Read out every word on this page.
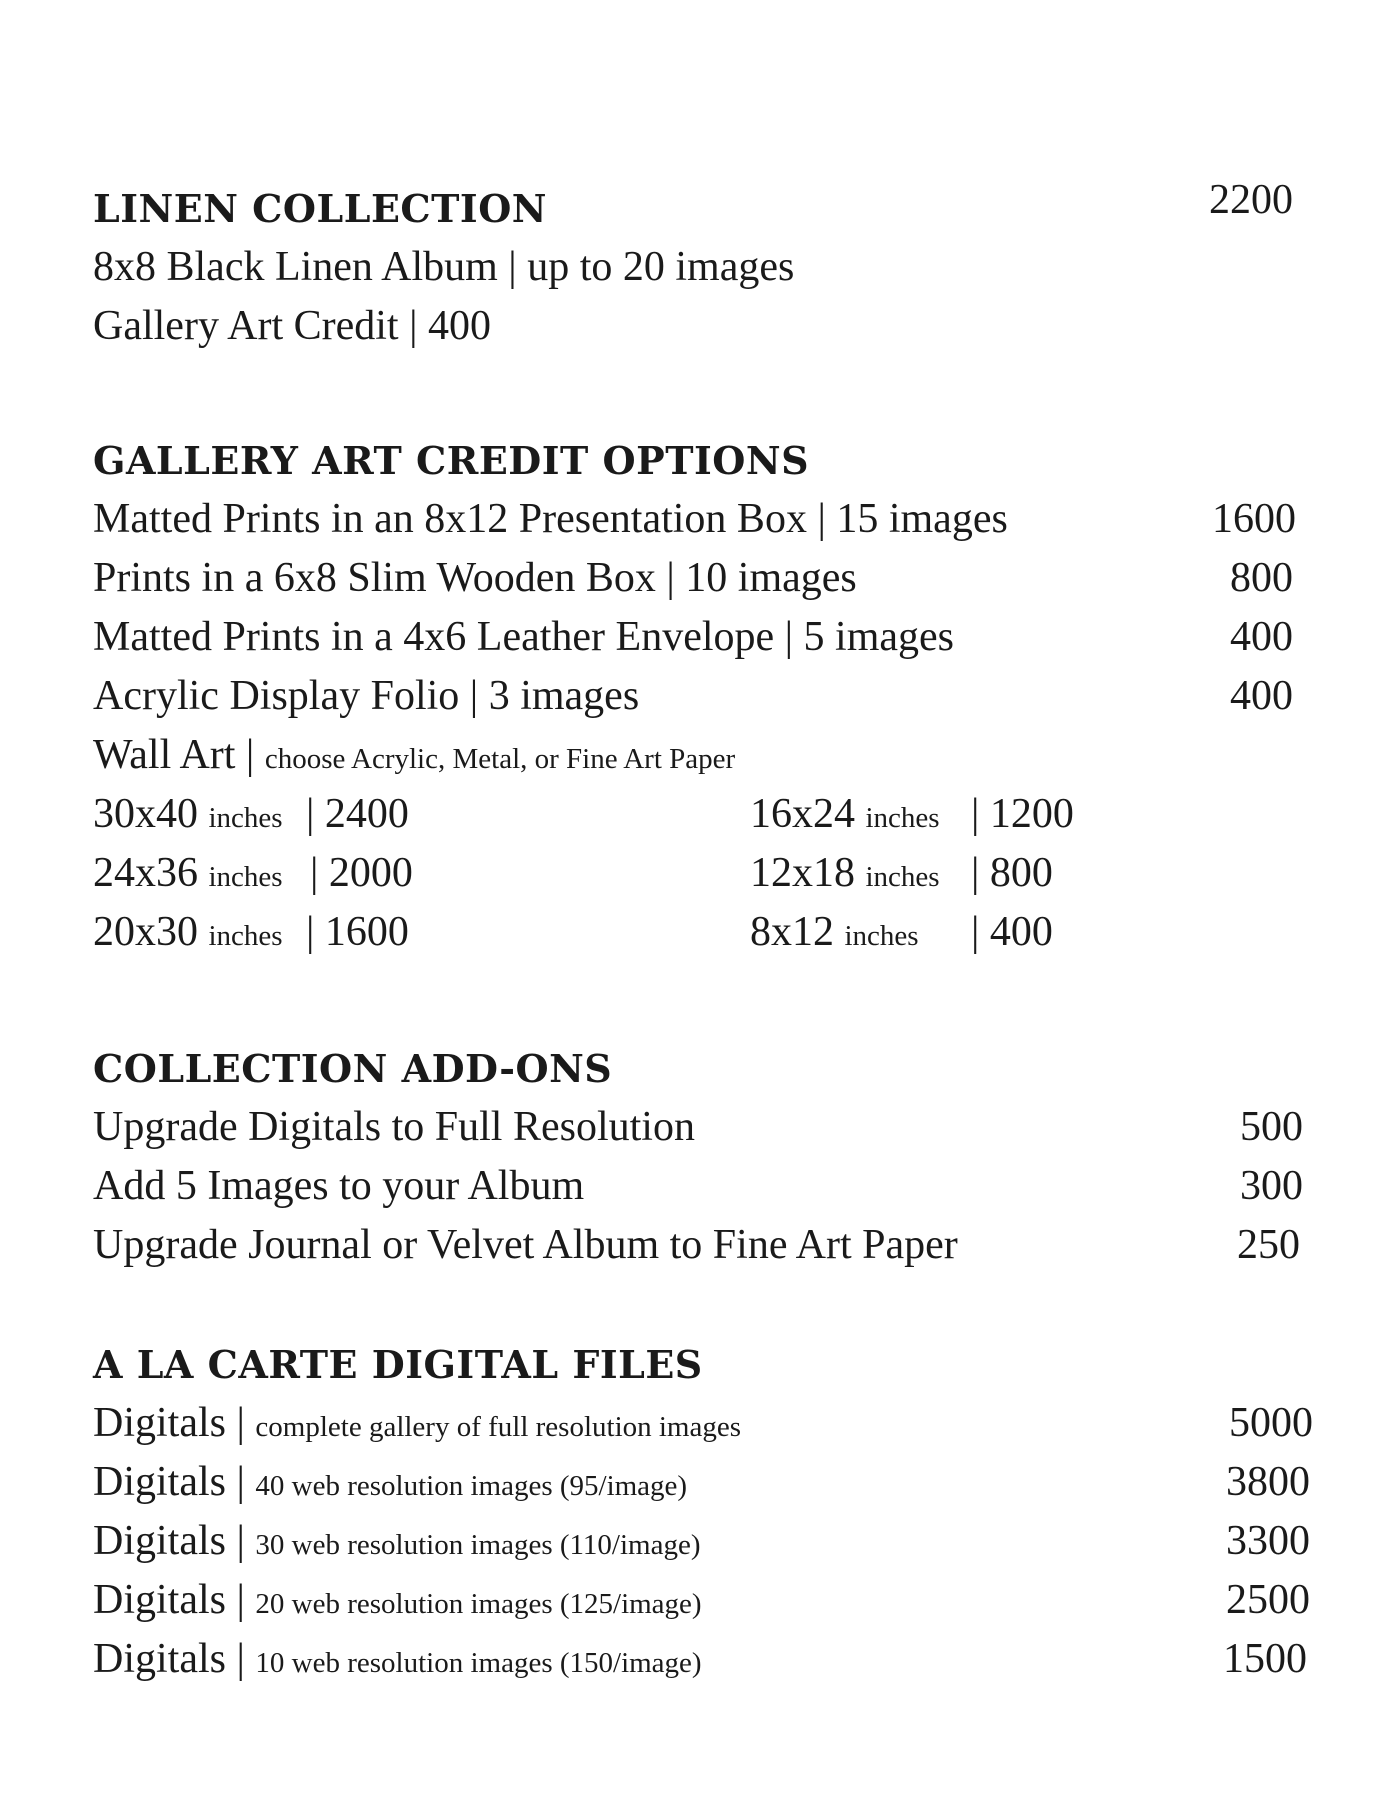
LINEN COLLECTION	2200
8x8 Black Linen Album | up to 20 images
Gallery Art Credit | 400
GALLERY ART CREDIT OPTIONS
Matted Prints in an 8x12 Presentation Box | 15 images	1600
Prints in a 6x8 Slim Wooden Box | 10 images	800
Matted Prints in a 4x6 Leather Envelope | 5 images	400
Acrylic Display Folio | 3 images	400
Wall Art | choose Acrylic, Metal, or Fine Art Paper
30x40 inches | 2400	16x24 inches | 1200
24x36 inches | 2000	12x18 inches | 800
20x30 inches | 1600	8x12 inches | 400
COLLECTION ADD-ONS
Upgrade Digitals to Full Resolution	500
Add 5 Images to your Album	300
Upgrade Journal or Velvet Album to Fine Art Paper	250
A LA CARTE DIGITAL FILES
Digitals | complete gallery of full resolution images	5000
Digitals | 40 web resolution images (95/image)	3800
Digitals | 30 web resolution images (110/image)	3300
Digitals | 20 web resolution images (125/image)	2500
Digitals | 10 web resolution images (150/image)	1500
